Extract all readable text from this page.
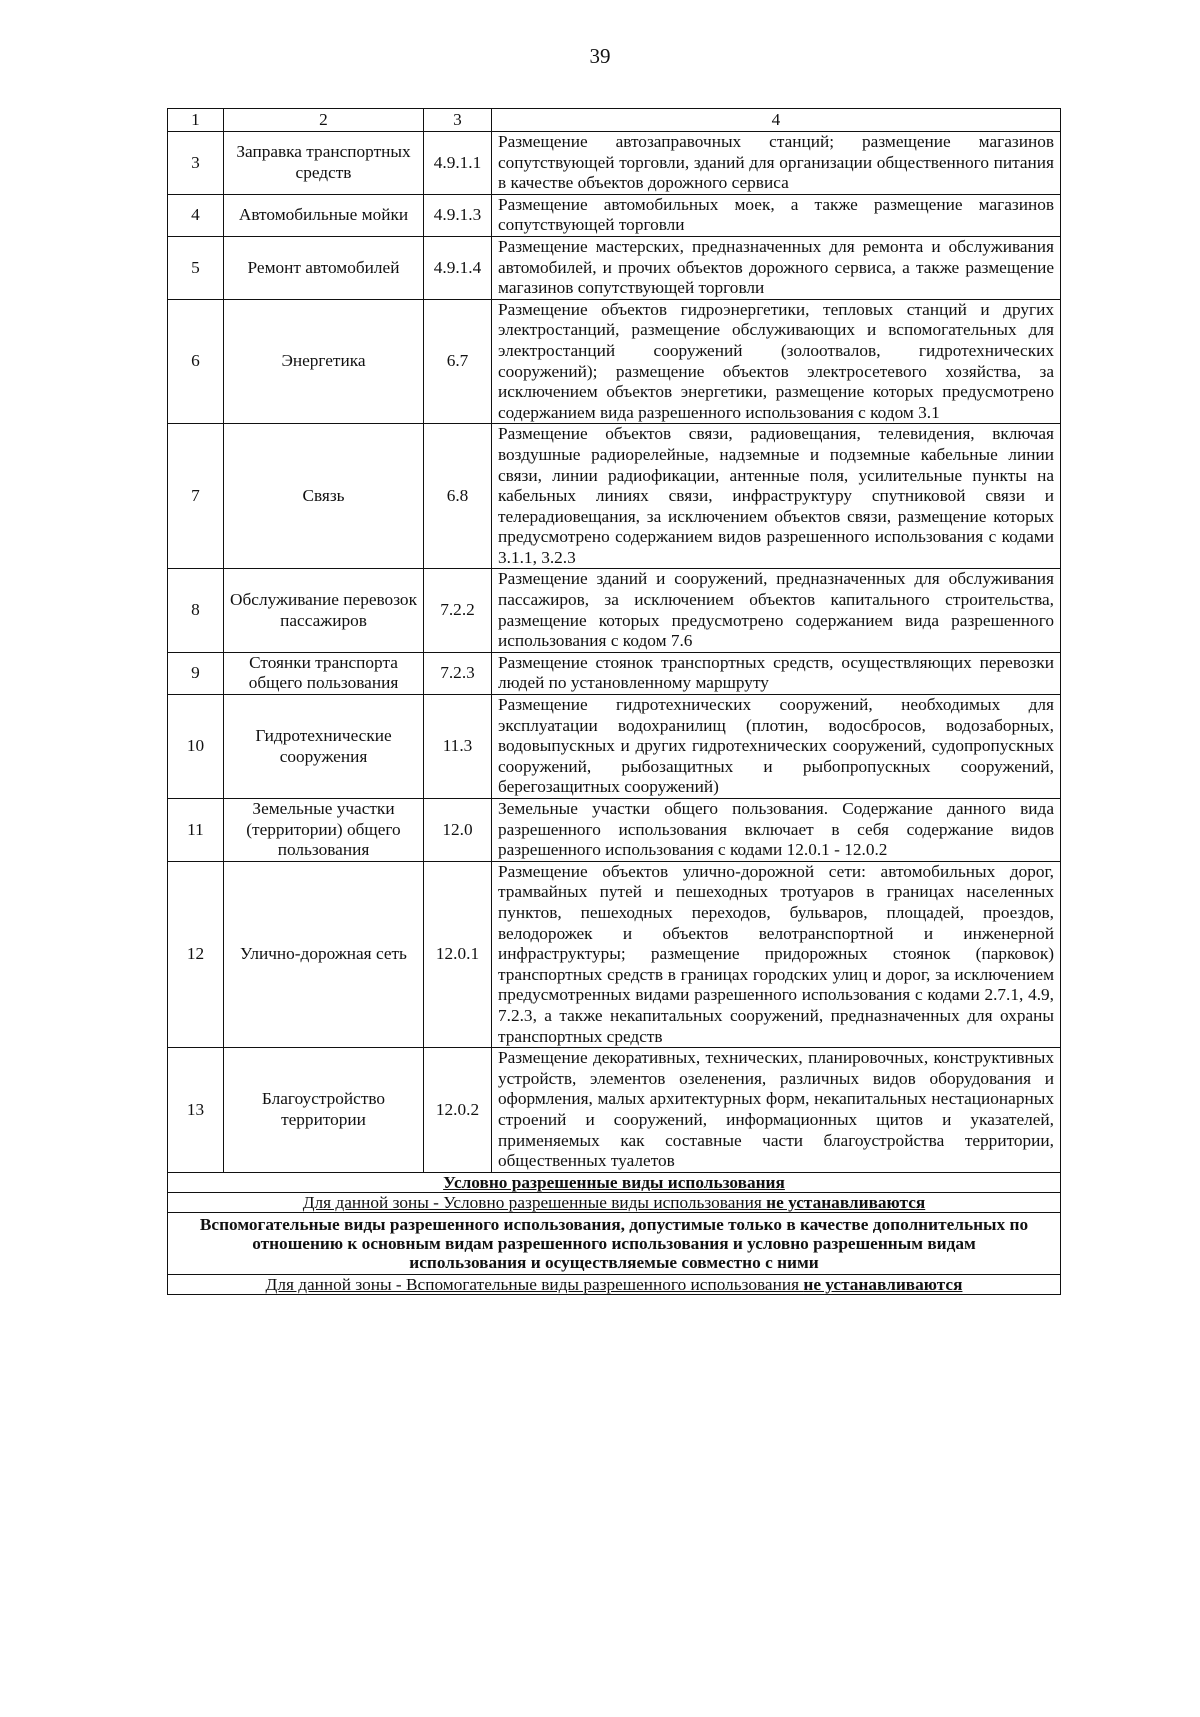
39
1	2	3	4
3	Заправка транспортных средств	4.9.1.1	Размещение автозаправочных станций; размещение магазинов сопутствующей торговли, зданий для организации общественного питания в качестве объектов дорожного сервиса
4	Автомобильные мойки	4.9.1.3	Размещение автомобильных моек, а также размещение магазинов сопутствующей торговли
5	Ремонт автомобилей	4.9.1.4	Размещение мастерских, предназначенных для ремонта и обслуживания автомобилей, и прочих объектов дорожного сервиса, а также размещение магазинов сопутствующей торговли
6	Энергетика	6.7	Размещение объектов гидроэнергетики, тепловых станций и других электростанций, размещение обслуживающих и вспомогательных для электростанций сооружений (золоотвалов, гидротехнических сооружений); размещение объектов электросетевого хозяйства, за исключением объектов энергетики, размещение которых предусмотрено содержанием вида разрешенного использования с кодом 3.1
7	Связь	6.8	Размещение объектов связи, радиовещания, телевидения, включая воздушные радиорелейные, надземные и подземные кабельные линии связи, линии радиофикации, антенные поля, усилительные пункты на кабельных линиях связи, инфраструктуру спутниковой связи и телерадиовещания, за исключением объектов связи, размещение которых предусмотрено содержанием видов разрешенного использования с кодами 3.1.1, 3.2.3
8	Обслуживание перевозок пассажиров	7.2.2	Размещение зданий и сооружений, предназначенных для обслуживания пассажиров, за исключением объектов капитального строительства, размещение которых предусмотрено содержанием вида разрешенного использования с кодом 7.6
9	Стоянки транспорта общего пользования	7.2.3	Размещение стоянок транспортных средств, осуществляющих перевозки людей по установленному маршруту
10	Гидротехнические сооружения	11.3	Размещение гидротехнических сооружений, необходимых для эксплуатации водохранилищ (плотин, водосбросов, водозаборных, водовыпускных и других гидротехнических сооружений, судопропускных сооружений, рыбозащитных и рыбопропускных сооружений, берегозащитных сооружений)
11	Земельные участки (территории) общего пользования	12.0	Земельные участки общего пользования. Содержание данного вида разрешенного использования включает в себя содержание видов разрешенного использования с кодами 12.0.1 - 12.0.2
12	Улично-дорожная сеть	12.0.1	Размещение объектов улично-дорожной сети: автомобильных дорог, трамвайных путей и пешеходных тротуаров в границах населенных пунктов, пешеходных переходов, бульваров, площадей, проездов, велодорожек и объектов велотранспортной и инженерной инфраструктуры; размещение придорожных стоянок (парковок) транспортных средств в границах городских улиц и дорог, за исключением предусмотренных видами разрешенного использования с кодами 2.7.1, 4.9, 7.2.3, а также некапитальных сооружений, предназначенных для охраны транспортных средств
13	Благоустройство территории	12.0.2	Размещение декоративных, технических, планировочных, конструктивных устройств, элементов озеленения, различных видов оборудования и оформления, малых архитектурных форм, некапитальных нестационарных строений и сооружений, информационных щитов и указателей, применяемых как составные части благоустройства территории, общественных туалетов
Условно разрешенные виды использования			
Для данной зоны - Условно разрешенные виды использования не устанавливаются			
Вспомогательные виды разрешенного использования, допустимые только в качестве дополнительных по отношению к основным видам разрешенного использования и условно разрешенным видам использования и осуществляемые совместно с ними			
Для данной зоны - Вспомогательные виды разрешенного использования не устанавливаются			
